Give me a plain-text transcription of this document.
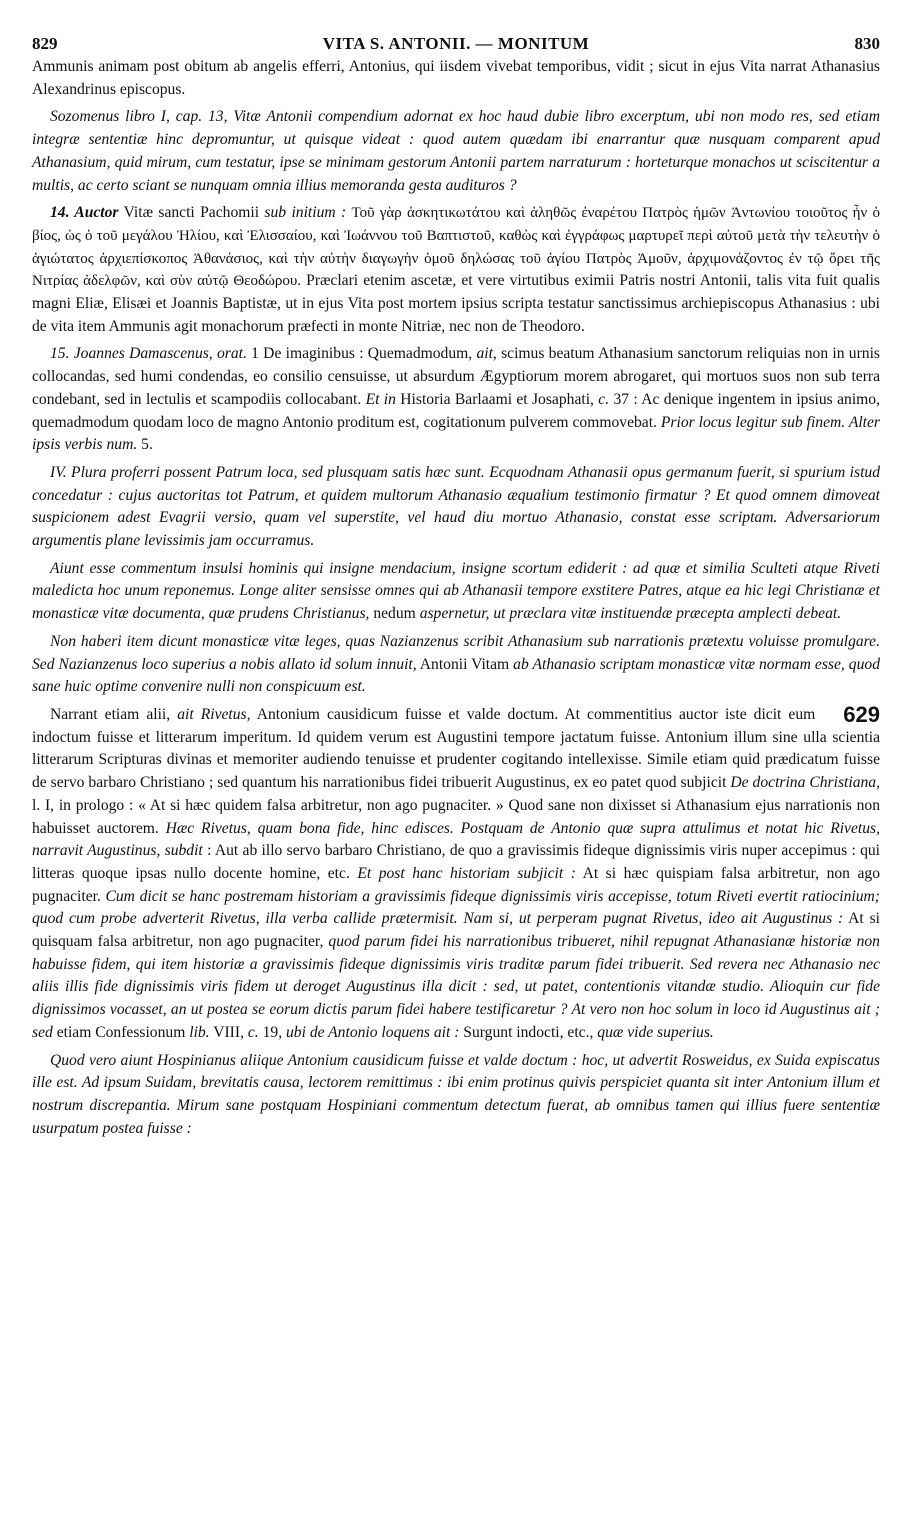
829	VITA S. ANTONII. — MONITUM	830

Ammunis animam post obitum ab angelis efferri, Antonius, qui iisdem vivebat temporibus, vidit ; sicut in ejus Vita narrat Athanasius Alexandrinus episcopus.

Sozomenus libro I, cap. 13, Vitæ Antonii compendium adornat ex hoc haud dubie libro excerptum, ubi non modo res, sed etiam integræ sententiæ hinc depromuntur, ut quisque videat : quod autem quædam ibi enarrantur quæ nusquam comparent apud Athanasium, quid mirum, cum testatur, ipse se minimam gestorum Antonii partem narraturum : horteturque monachos ut sciscitentur a multis, ac certo sciant se nunquam omnia illius memoranda gesta audituros ?

14. Auctor Vitæ sancti Pachomii sub initium : Τοῦ γὰρ ἀσκητικωτάτου καὶ ἀληθῶς ἐναρέτου Πατρὸς ἡμῶν Ἀντωνίου τοιοῦτος ἦν ὁ βίος, ὡς ὁ τοῦ μεγάλου Ἠλίου, καὶ Ἐλισσαίου, καὶ Ἰωάννου τοῦ Βαπτιστοῦ, καθὼς καὶ ἐγγράφως μαρτυρεῖ περὶ αὐτοῦ μετὰ τὴν τελευτὴν ὁ ἁγιώτατος ἀρχιεπίσκοπος Ἀθανάσιος, καὶ τὴν αὐτὴν διαγωγὴν ὁμοῦ δηλώσας τοῦ ἁγίου Πατρὸς Ἀμοῦν, ἀρχιμονάζοντος ἐν τῷ ὄρει τῆς Νιτρίας ἀδελφῶν, καὶ σὺν αὐτῷ Θεοδώρου. Præclari etenim ascetæ, et vere virtutibus eximii Patris nostri Antonii, talis vita fuit qualis magni Eliæ, Elisæi et Joannis Baptistæ, ut in ejus Vita post mortem ipsius scripta testatur sanctissimus archiepiscopus Athanasius : ubi de vita item Ammunis agit monachorum præfecti in monte Nitriæ, nec non de Theodoro.

15. Joannes Damascenus, orat. 1 De imaginibus : Quemadmodum, ait, scimus beatum Athanasium sanctorum reliquias non in urnis collocandas, sed humi condendas, eo consilio censuisse, ut absurdum Ægyptiorum morem abrogaret, qui mortuos suos non sub terra condebant, sed in lectulis et scampodiis collocabant. Et in Historia Barlaami et Josaphati, c. 37 : Ac denique ingentem in ipsius animo, quemadmodum quodam loco de magno Antonio proditum est, cogitationum pulverem commovebat. Prior locus legitur sub finem. Alter ipsis verbis num. 5.

IV. Plura proferri possent Patrum loca, sed plusquam satis hæc sunt. Ecquodnam Athanasii opus germanum fuerit, si spurium istud concedatur : cujus auctoritas tot Patrum, et quidem multorum Athanasio æqualium testimonio firmatur ? Et quod omnem dimoveat suspicionem adest Evagrii versio, quam vel superstite, vel haud diu mortuo Athanasio, constat esse scriptam. Adversariorum argumentis plane levissimis jam occurramus.

Aiunt esse commentum insulsi hominis qui insigne mendacium, insigne scortum ediderit : ad quæ et similia Sculteti atque Riveti maledicta hoc unum reponemus. Longe aliter sensisse omnes qui ab Athanasii tempore exstitere Patres, atque ea hic legi Christianæ et monasticæ vitæ documenta, quæ prudens Christianus, nedum aspernetur, ut præclara vitæ instituendæ præcepta amplecti debeat.

Non haberi item dicunt monasticæ vitæ leges, quas Nazianzenus scribit Athanasium sub narrationis prætextu voluisse promulgare. Sed Nazianzenus loco superius a nobis allato id solum innuit, Antonii Vitam ab Athanasio scriptam monasticæ vitæ normam esse, quod sane huic optime convenire nulli non conspicuum est.

629
Narrant etiam alii, ait Rivetus, Antonium causidicum fuisse et valde doctum. At commentitius auctor iste dicit eum indoctum fuisse et litterarum imperitum. Id quidem verum est Augustini tempore jactatum fuisse. Antonium illum sine ulla scientia litterarum Scripturas divinas et memoriter audiendo tenuisse et prudenter cogitando intellexisse. Simile etiam quid prædicatum fuisse de servo barbaro Christiano ; sed quantum his narrationibus fidei tribuerit Augustinus, ex eo patet quod subjicit De doctrina Christiana, l. I, in prologo : « At si hæc quidem falsa arbitretur, non ago pugnaciter. » Quod sane non dixisset si Athanasium ejus narrationis non habuisset auctorem. Hæc Rivetus, quam bona fide, hinc edisces. Postquam de Antonio quæ supra attulimus et notat hic Rivetus, narravit Augustinus, subdit : Aut ab illo servo barbaro Christiano, de quo a gravissimis fideque dignissimis viris nuper accepimus : qui litteras quoque ipsas nullo docente homine, etc. Et post hanc historiam subjicit : At si hæc quispiam falsa arbitretur, non ago pugnaciter. Cum dicit se hanc postremam historiam a gravissimis fideque dignissimis viris accepisse, totum Riveti evertit ratiocinium; quod cum probe adverterit Rivetus, illa verba callide prætermisit. Nam si, ut perperam pugnat Rivetus, ideo ait Augustinus : At si quisquam falsa arbitretur, non ago pugnaciter, quod parum fidei his narrationibus tribueret, nihil repugnat Athanasianæ historiæ non habuisse fidem, qui item historiæ a gravissimis fideque dignissimis viris traditæ parum fidei tribuerit. Sed revera nec Athanasio nec aliis illis fide dignissimis viris fidem ut deroget Augustinus illa dicit : sed, ut patet, contentionis vitandæ studio. Alioquin cur fide dignissimos vocasset, an ut postea se eorum dictis parum fidei habere testificaretur ? At vero non hoc solum in loco id Augustinus ait ; sed etiam Confessionum lib. VIII, c. 19, ubi de Antonio loquens ait : Surgunt indocti, etc., quæ vide superius.

Quod vero aiunt Hospinianus aliique Antonium causidicum fuisse et valde doctum : hoc, ut advertit Rosweidus, ex Suida expiscatus ille est. Ad ipsum Suidam, brevitatis causa, lectorem remittimus : ibi enim protinus quivis perspiciet quanta sit inter Antonium illum et nostrum discrepantia. Mirum sane postquam Hospiniani commentum detectum fuerat, ab omnibus tamen qui illius fuere sententiæ usurpatum postea fuisse :
